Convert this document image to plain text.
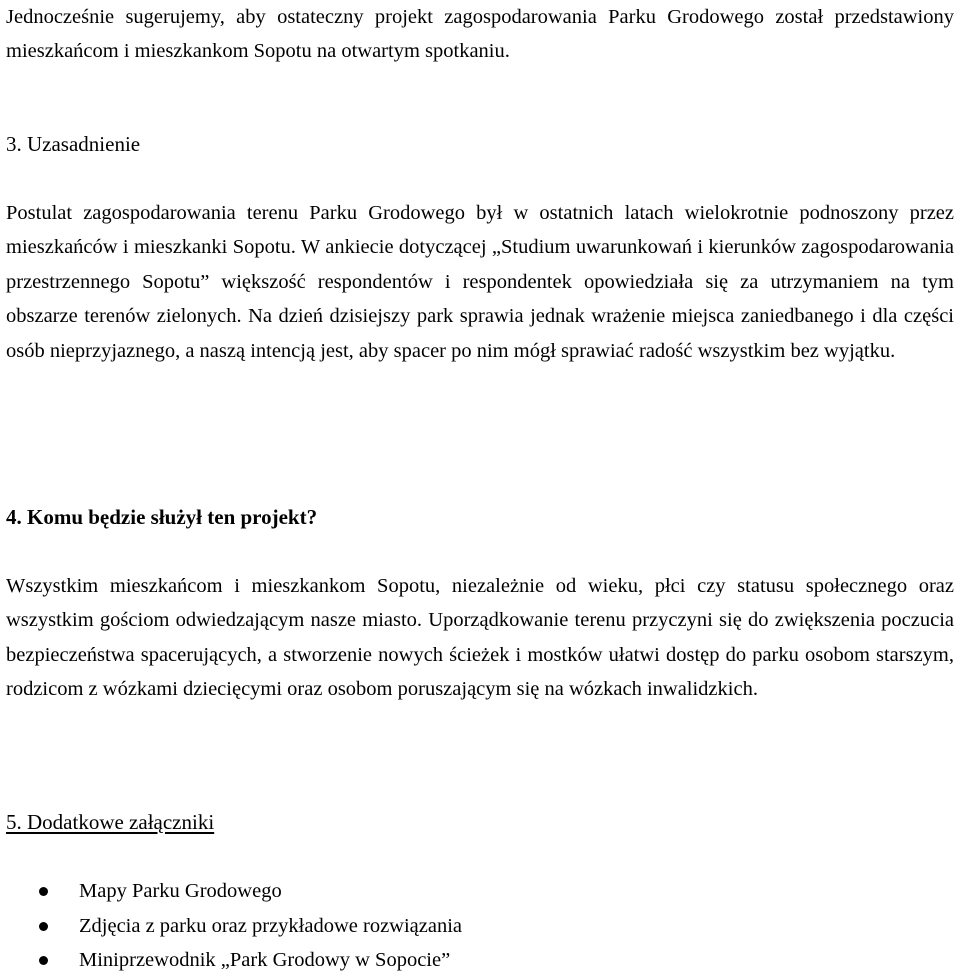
Jednocześnie sugerujemy, aby ostateczny projekt zagospodarowania Parku Grodowego został przedstawiony mieszkańcom i mieszkankom Sopotu na otwartym spotkaniu.

3. Uzasadnienie

Postulat zagospodarowania terenu Parku Grodowego był w ostatnich latach wielokrotnie podnoszony przez mieszkańców i mieszkanki Sopotu. W ankiecie dotyczącej „Studium uwarunkowań i kierunków zagospodarowania przestrzennego Sopotu” większość respondentów i respondentek opowiedziała się za utrzymaniem na tym obszarze terenów zielonych. Na dzień dzisiejszy park sprawia jednak wrażenie miejsca zaniedbanego i dla części osób nieprzyjaznego, a naszą intencją jest, aby spacer po nim mógł sprawiać radość wszystkim bez wyjątku.

4. Komu będzie służył ten projekt?

Wszystkim mieszkańcom i mieszkankom Sopotu, niezależnie od wieku, płci czy statusu społecznego oraz wszystkim gościom odwiedzającym nasze miasto. Uporządkowanie terenu przyczyni się do zwiększenia poczucia bezpieczeństwa spacerujących, a stworzenie nowych ścieżek i mostków ułatwi dostęp do parku osobom starszym, rodzicom z wózkami dziecięcymi oraz osobom poruszającym się na wózkach inwalidzkich.

5. Dodatkowe załączniki
Mapy Parku Grodowego
Zdjęcia z parku oraz przykładowe rozwiązania
Miniprzewodnik „Park Grodowy w Sopocie”
